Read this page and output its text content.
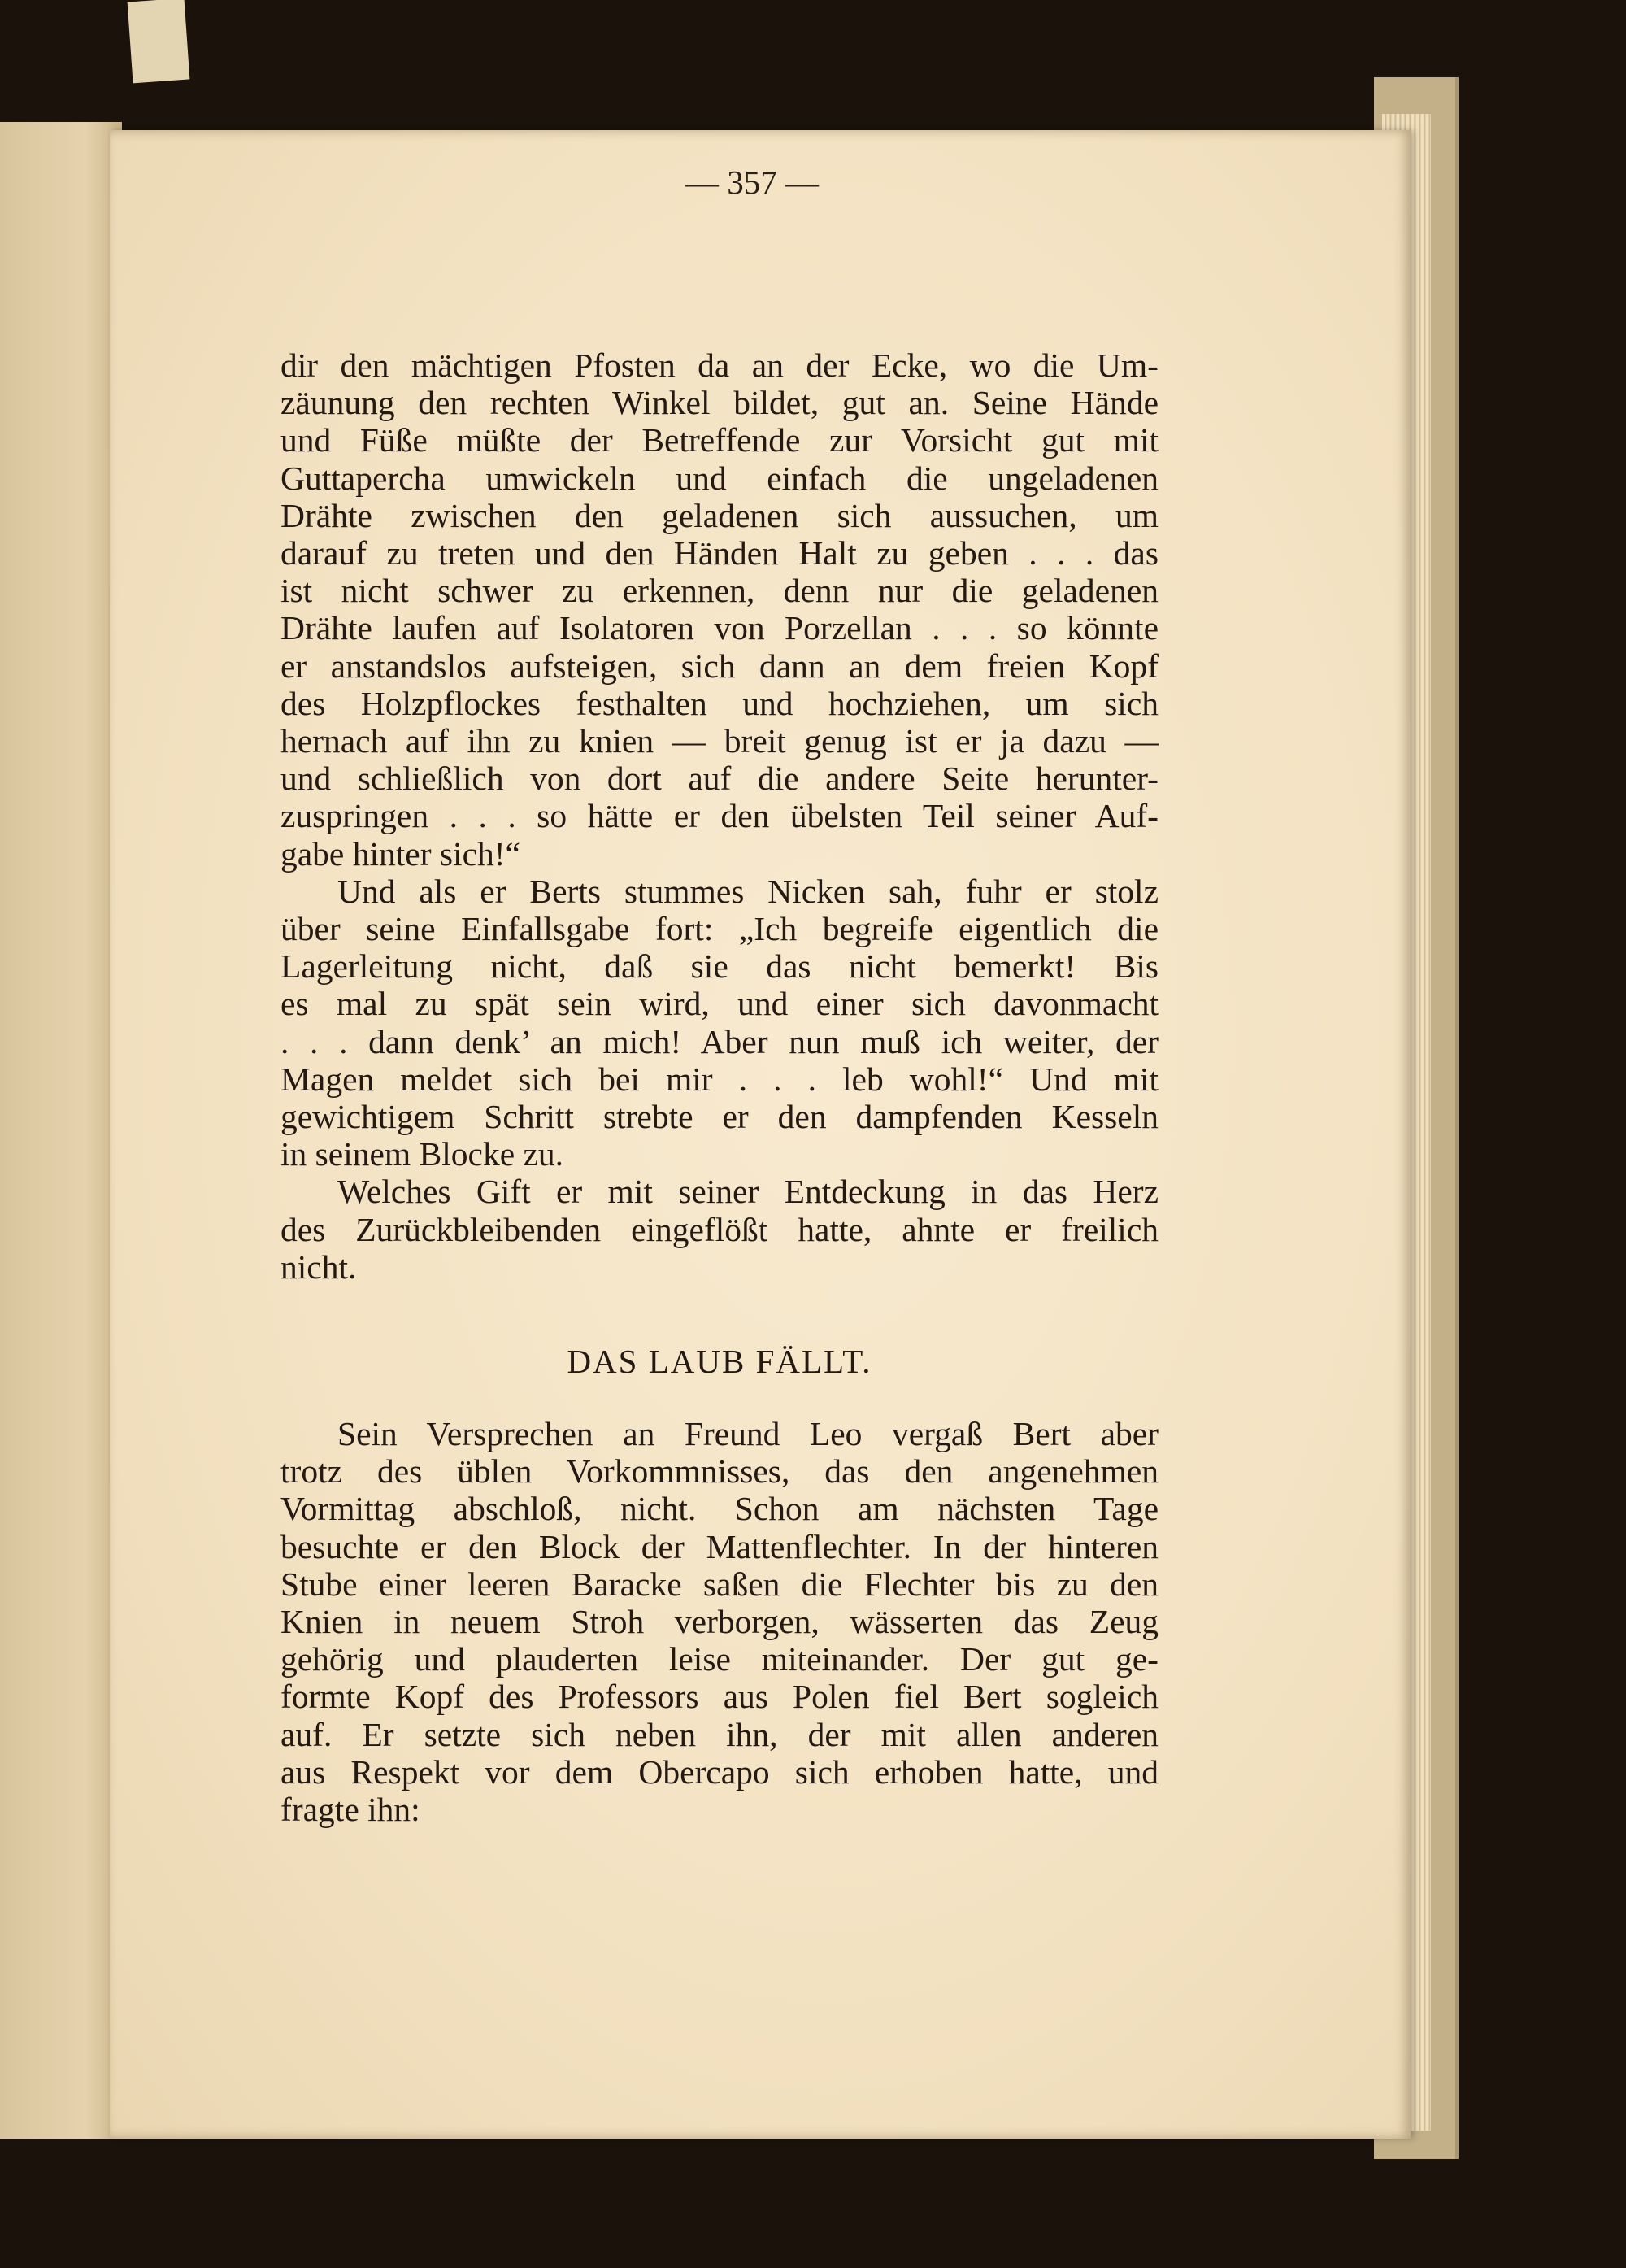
— 357 —
dir den mächtigen Pfosten da an der Ecke, wo die Um-
zäunung den rechten Winkel bildet, gut an. Seine Hände
und Füße müßte der Betreffende zur Vorsicht gut mit
Guttapercha umwickeln und einfach die ungeladenen
Drähte zwischen den geladenen sich aussuchen, um
darauf zu treten und den Händen Halt zu geben . . . das
ist nicht schwer zu erkennen, denn nur die geladenen
Drähte laufen auf Isolatoren von Porzellan . . . so könnte
er anstandslos aufsteigen, sich dann an dem freien Kopf
des Holzpflockes festhalten und hochziehen, um sich
hernach auf ihn zu knien — breit genug ist er ja dazu —
und schließlich von dort auf die andere Seite herunter-
zuspringen . . . so hätte er den übelsten Teil seiner Auf-
gabe hinter sich!“
Und als er Berts stummes Nicken sah, fuhr er stolz
über seine Einfallsgabe fort: „Ich begreife eigentlich die
Lagerleitung nicht, daß sie das nicht bemerkt! Bis
es mal zu spät sein wird, und einer sich davonmacht
. . . dann denk’ an mich! Aber nun muß ich weiter, der
Magen meldet sich bei mir . . . leb wohl!“ Und mit
gewichtigem Schritt strebte er den dampfenden Kesseln
in seinem Blocke zu.
Welches Gift er mit seiner Entdeckung in das Herz
des Zurückbleibenden eingeflößt hatte, ahnte er freilich
nicht.
DAS LAUB FÄLLT.
Sein Versprechen an Freund Leo vergaß Bert aber
trotz des üblen Vorkommnisses, das den angenehmen
Vormittag abschloß, nicht. Schon am nächsten Tage
besuchte er den Block der Mattenflechter. In der hinteren
Stube einer leeren Baracke saßen die Flechter bis zu den
Knien in neuem Stroh verborgen, wässerten das Zeug
gehörig und plauderten leise miteinander. Der gut ge-
formte Kopf des Professors aus Polen fiel Bert sogleich
auf. Er setzte sich neben ihn, der mit allen anderen
aus Respekt vor dem Obercapo sich erhoben hatte, und
fragte ihn:
